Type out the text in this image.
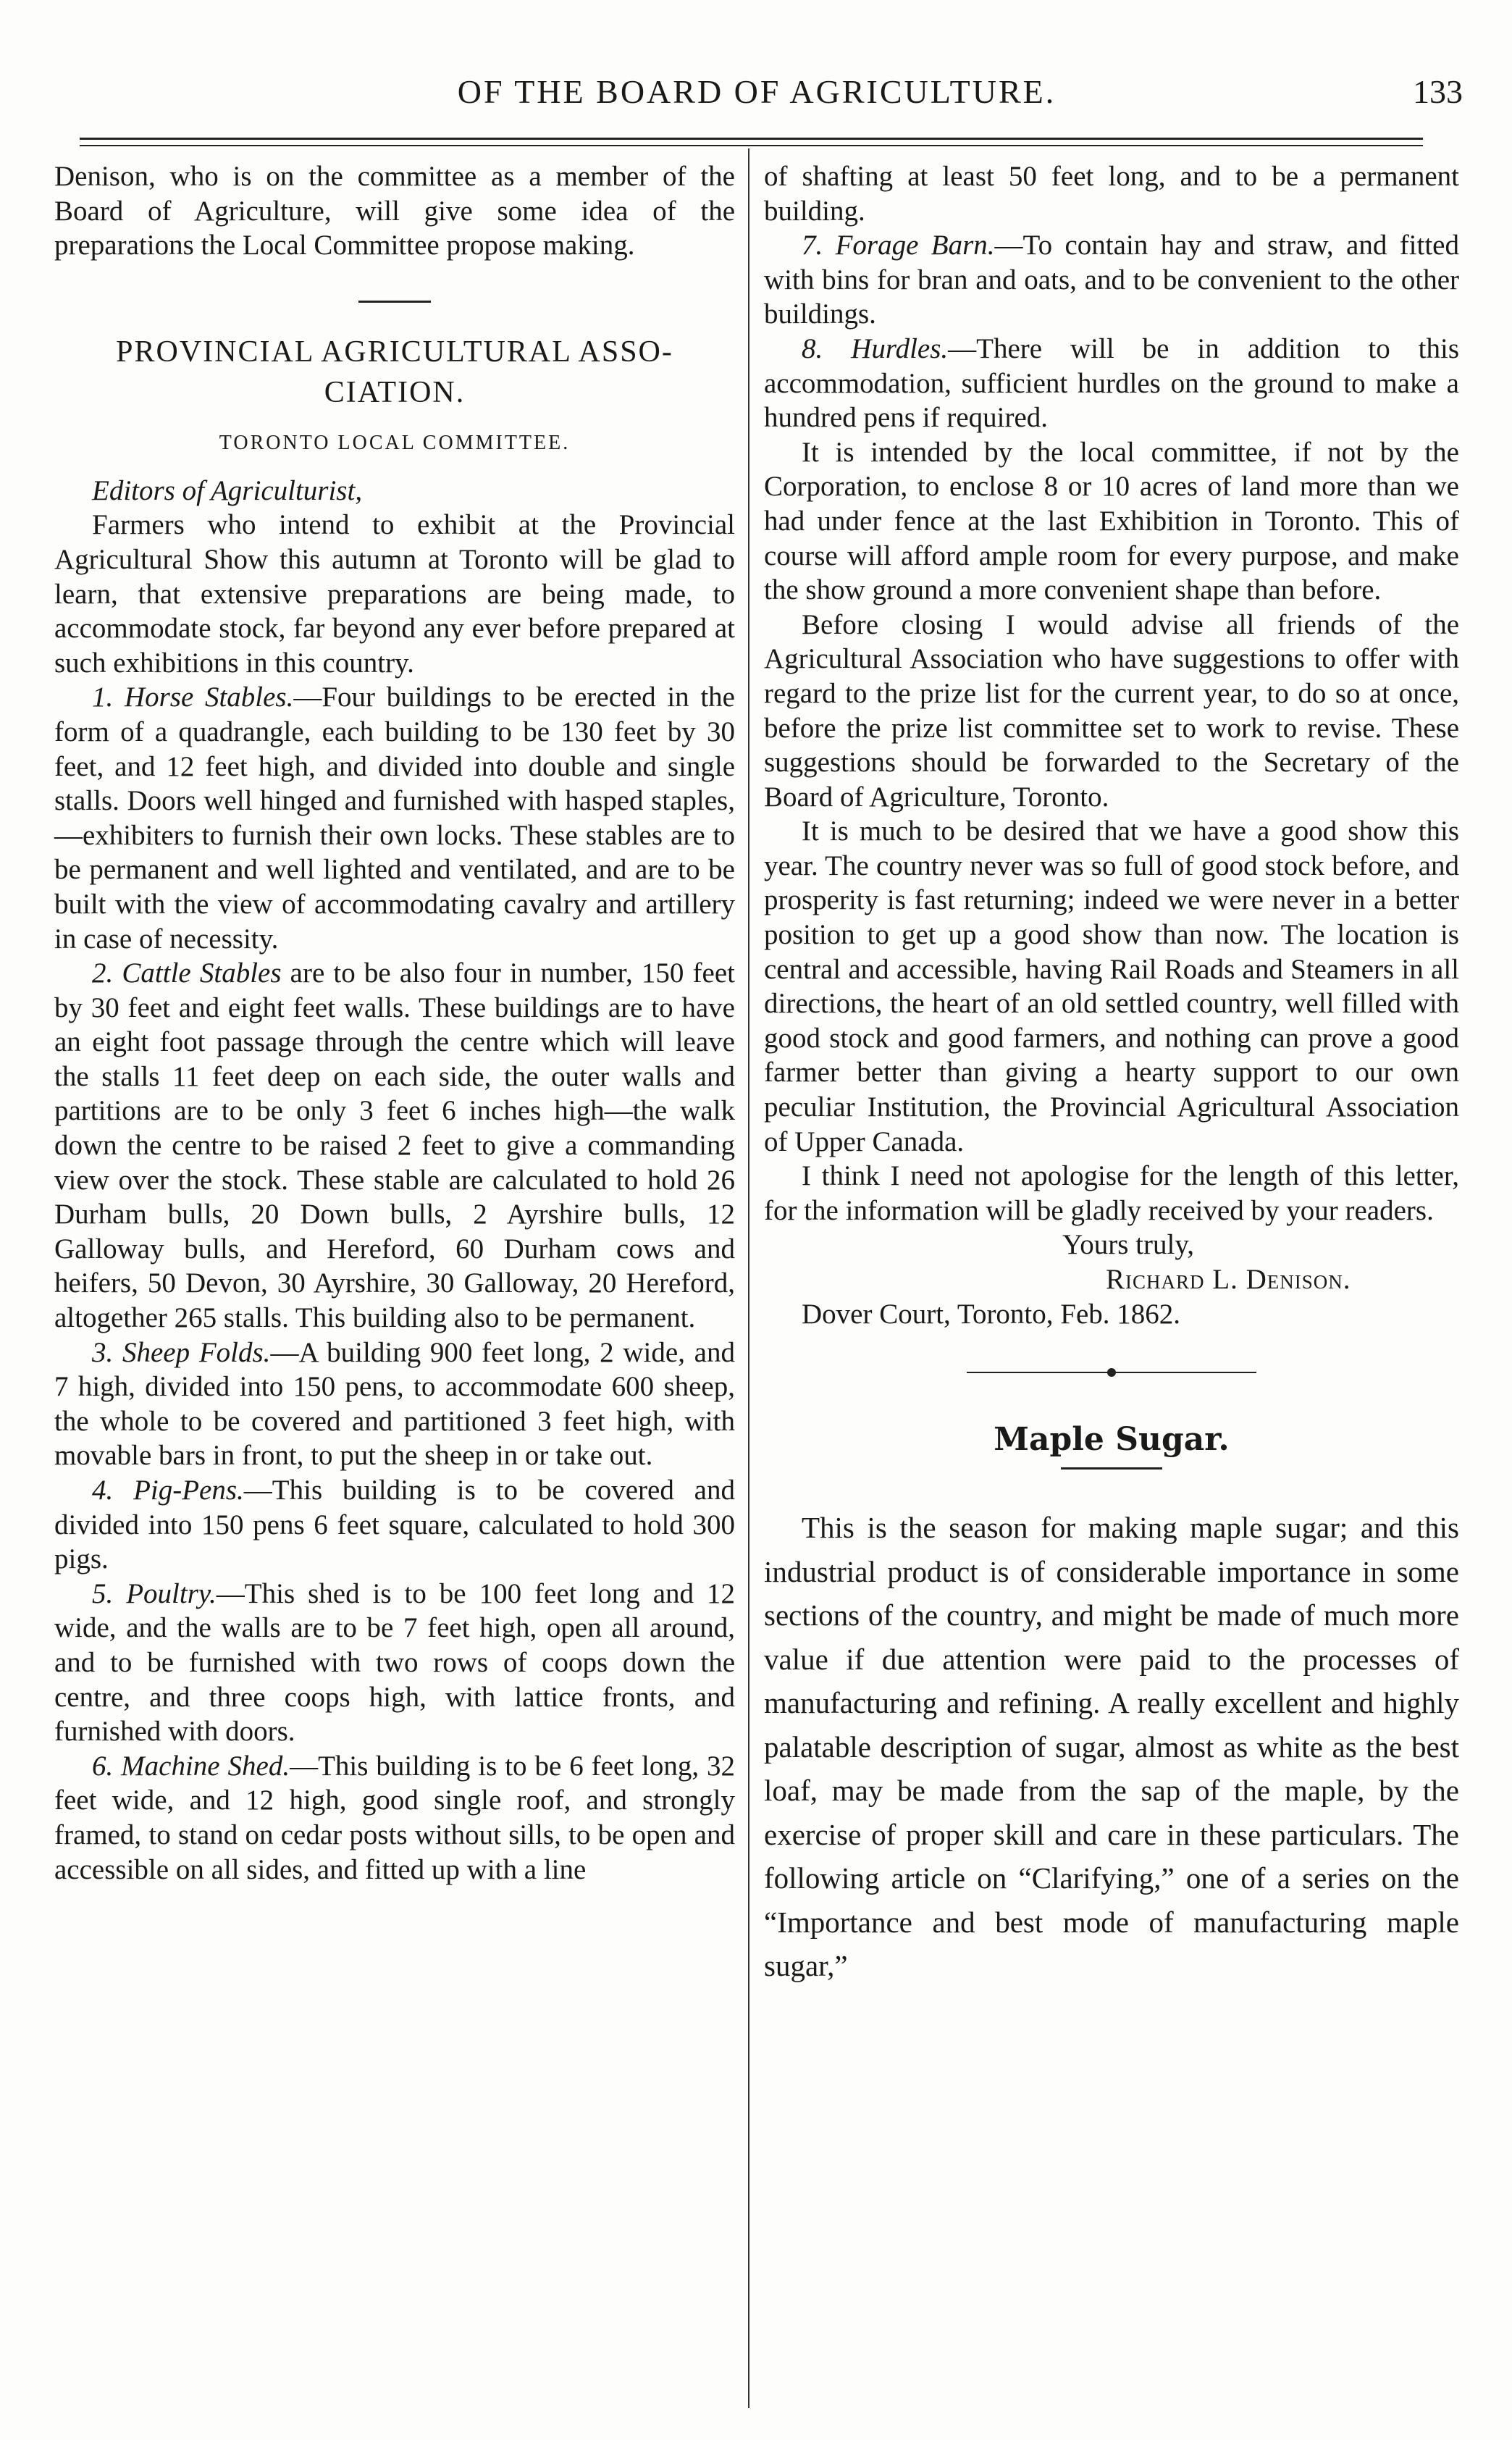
OF THE BOARD OF AGRICULTURE.	133

Denison, who is on the committee as a member of the Board of Agriculture, will give some idea of the preparations the Local Committee propose making.

PROVINCIAL AGRICULTURAL ASSO-
CIATION.
TORONTO LOCAL COMMITTEE.

Editors of Agriculturist,

Farmers who intend to exhibit at the Provincial Agricultural Show this autumn at Toronto will be glad to learn, that extensive preparations are being made, to accommodate stock, far beyond any ever before prepared at such exhibitions in this country.

1. Horse Stables.—Four buildings to be erected in the form of a quadrangle, each building to be 130 feet by 30 feet, and 12 feet high, and divided into double and single stalls. Doors well hinged and furnished with hasped staples,—exhibiters to furnish their own locks. These stables are to be permanent and well lighted and ventilated, and are to be built with the view of accommodating cavalry and artillery in case of necessity.

2. Cattle Stables are to be also four in number, 150 feet by 30 feet and eight feet walls. These buildings are to have an eight foot passage through the centre which will leave the stalls 11 feet deep on each side, the outer walls and partitions are to be only 3 feet 6 inches high—the walk down the centre to be raised 2 feet to give a commanding view over the stock. These stable are calculated to hold 26 Durham bulls, 20 Down bulls, 2 Ayrshire bulls, 12 Galloway bulls, and Hereford, 60 Durham cows and heifers, 50 Devon, 30 Ayrshire, 30 Galloway, 20 Hereford, altogether 265 stalls. This building also to be permanent.

3. Sheep Folds.—A building 900 feet long, 2 wide, and 7 high, divided into 150 pens, to accommodate 600 sheep, the whole to be covered and partitioned 3 feet high, with movable bars in front, to put the sheep in or take out.

4. Pig-Pens.—This building is to be covered and divided into 150 pens 6 feet square, calculated to hold 300 pigs.

5. Poultry.—This shed is to be 100 feet long and 12 wide, and the walls are to be 7 feet high, open all around, and to be furnished with two rows of coops down the centre, and three coops high, with lattice fronts, and furnished with doors.

6. Machine Shed.—This building is to be 6 feet long, 32 feet wide, and 12 high, good single roof, and strongly framed, to stand on cedar posts without sills, to be open and accessible on all sides, and fitted up with a line

of shafting at least 50 feet long, and to be a permanent building.

7. Forage Barn.—To contain hay and straw, and fitted with bins for bran and oats, and to be convenient to the other buildings.

8. Hurdles.—There will be in addition to this accommodation, sufficient hurdles on the ground to make a hundred pens if required.

It is intended by the local committee, if not by the Corporation, to enclose 8 or 10 acres of land more than we had under fence at the last Exhibition in Toronto. This of course will afford ample room for every purpose, and make the show ground a more convenient shape than before.

Before closing I would advise all friends of the Agricultural Association who have suggestions to offer with regard to the prize list for the current year, to do so at once, before the prize list committee set to work to revise. These suggestions should be forwarded to the Secretary of the Board of Agriculture, Toronto.

It is much to be desired that we have a good show this year. The country never was so full of good stock before, and prosperity is fast returning; indeed we were never in a better position to get up a good show than now. The location is central and accessible, having Rail Roads and Steamers in all directions, the heart of an old settled country, well filled with good stock and good farmers, and nothing can prove a good farmer better than giving a hearty support to our own peculiar Institution, the Provincial Agricultural Association of Upper Canada.

I think I need not apologise for the length of this letter, for the information will be gladly received by your readers.

Yours truly,

Richard L. Denison.

Dover Court, Toronto, Feb. 1862.

Maple Sugar.

This is the season for making maple sugar; and this industrial product is of considerable importance in some sections of the country, and might be made of much more value if due attention were paid to the processes of manufacturing and refining. A really excellent and highly palatable description of sugar, almost as white as the best loaf, may be made from the sap of the maple, by the exercise of proper skill and care in these particulars. The following article on “Clarifying,” one of a series on the “Importance and best mode of manufacturing maple sugar,”
